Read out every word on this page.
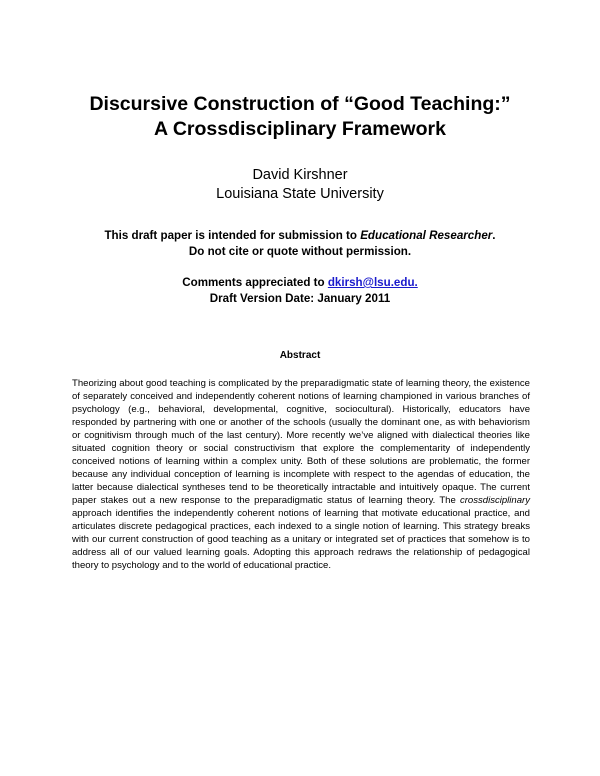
Discursive Construction of “Good Teaching:”
A Crossdisciplinary Framework
David Kirshner
Louisiana State University
This draft paper is intended for submission to Educational Researcher.
Do not cite or quote without permission.
Comments appreciated to dkirsh@lsu.edu.
Draft Version Date: January 2011
Abstract
Theorizing about good teaching is complicated by the preparadigmatic state of learning theory, the existence of separately conceived and independently coherent notions of learning championed in various branches of psychology (e.g., behavioral, developmental, cognitive, sociocultural). Historically, educators have responded by partnering with one or another of the schools (usually the dominant one, as with behaviorism or cognitivism through much of the last century). More recently we’ve aligned with dialectical theories like situated cognition theory or social constructivism that explore the complementarity of independently conceived notions of learning within a complex unity. Both of these solutions are problematic, the former because any individual conception of learning is incomplete with respect to the agendas of education, the latter because dialectical syntheses tend to be theoretically intractable and intuitively opaque. The current paper stakes out a new response to the preparadigmatic status of learning theory. The crossdisciplinary approach identifies the independently coherent notions of learning that motivate educational practice, and articulates discrete pedagogical practices, each indexed to a single notion of learning. This strategy breaks with our current construction of good teaching as a unitary or integrated set of practices that somehow is to address all of our valued learning goals. Adopting this approach redraws the relationship of pedagogical theory to psychology and to the world of educational practice.
